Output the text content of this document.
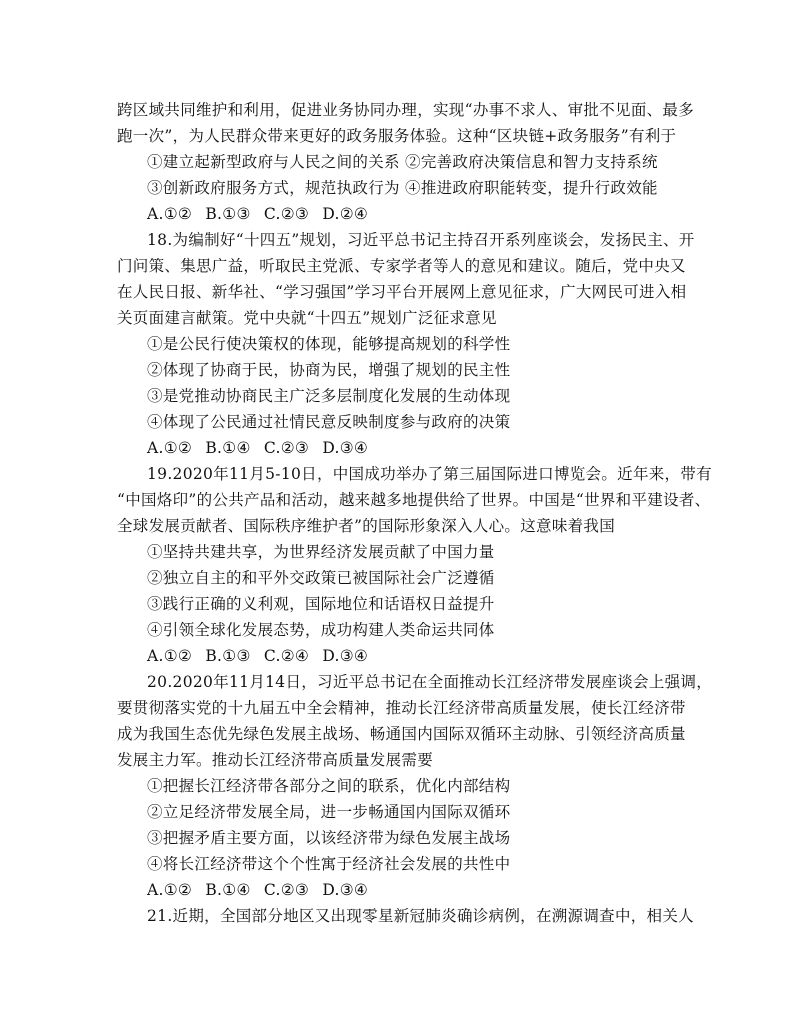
跨区域共同维护和利用，促进业务协同办理，实现“办事不求人、审批不见面、最多
跑一次”，为人民群众带来更好的政务服务体验。这种“区块链+政务服务”有利于
①建立起新型政府与人民之间的关系 ②完善政府决策信息和智力支持系统
③创新政府服务方式，规范执政行为 ④推进政府职能转变，提升行政效能
A.①② B.①③ C.②③ D.②④
18.为编制好“十四五”规划，习近平总书记主持召开系列座谈会，发扬民主、开
门问策、集思广益，听取民主党派、专家学者等人的意见和建议。随后，党中央又
在人民日报、新华社、“学习强国”学习平台开展网上意见征求，广大网民可进入相
关页面建言献策。党中央就“十四五”规划广泛征求意见
①是公民行使决策权的体现，能够提高规划的科学性
②体现了协商于民，协商为民，增强了规划的民主性
③是党推动协商民主广泛多层制度化发展的生动体现
④体现了公民通过社情民意反映制度参与政府的决策
A.①② B.①④ C.②③ D.③④
19.2020年11月5-10日，中国成功举办了第三届国际进口博览会。近年来，带有
“中国烙印”的公共产品和活动，越来越多地提供给了世界。中国是“世界和平建设者、
全球发展贡献者、国际秩序维护者”的国际形象深入人心。这意味着我国
①坚持共建共享，为世界经济发展贡献了中国力量
②独立自主的和平外交政策已被国际社会广泛遵循
③践行正确的义利观，国际地位和话语权日益提升
④引领全球化发展态势，成功构建人类命运共同体
A.①② B.①③ C.②④ D.③④
20.2020年11月14日，习近平总书记在全面推动长江经济带发展座谈会上强调，
要贯彻落实党的十九届五中全会精神，推动长江经济带高质量发展，使长江经济带
成为我国生态优先绿色发展主战场、畅通国内国际双循环主动脉、引领经济高质量
发展主力军。推动长江经济带高质量发展需要
①把握长江经济带各部分之间的联系，优化内部结构
②立足经济带发展全局，进一步畅通国内国际双循环
③把握矛盾主要方面，以该经济带为绿色发展主战场
④将长江经济带这个个性寓于经济社会发展的共性中
A.①② B.①④ C.②③ D.③④
21.近期，全国部分地区又出现零星新冠肺炎确诊病例，在溯源调查中，相关人
